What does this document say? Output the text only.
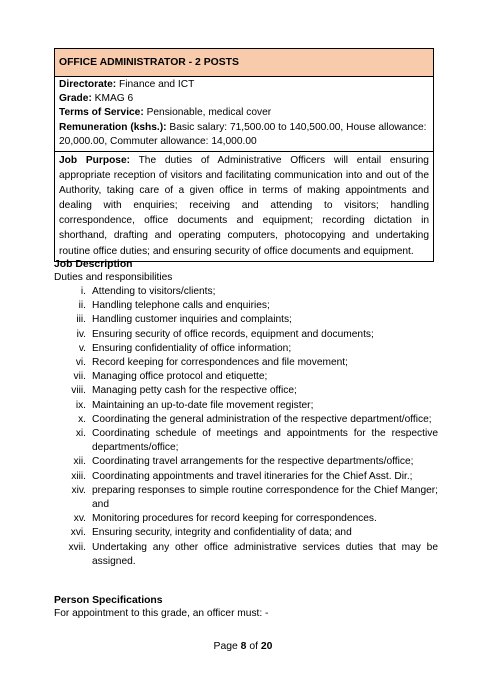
OFFICE ADMINISTRATOR - 2 POSTS

Directorate: Finance and ICT

Grade: KMAG 6

Terms of Service: Pensionable, medical cover

Remuneration (kshs.): Basic salary: 71,500.00 to 140,500.00, House allowance: 20,000.00, Commuter allowance: 14,000.00

Job Purpose: The duties of Administrative Officers will entail ensuring appropriate reception of visitors and facilitating communication into and out of the Authority, taking care of a given office in terms of making appointments and dealing with enquiries; receiving and attending to visitors; handling correspondence, office documents and equipment; recording dictation in shorthand, drafting and operating computers, photocopying and undertaking routine office duties; and ensuring security of office documents and equipment.

Job Description

Duties and responsibilities

i. Attending to visitors/clients;
ii. Handling telephone calls and enquiries;
iii. Handling customer inquiries and complaints;
iv. Ensuring security of office records, equipment and documents;
v. Ensuring confidentiality of office information;
vi. Record keeping for correspondences and file movement;
vii. Managing office protocol and etiquette;
viii. Managing petty cash for the respective office;
ix. Maintaining an up-to-date file movement register;
x. Coordinating the general administration of the respective department/office;
xi. Coordinating schedule of meetings and appointments for the respective departments/office;
xii. Coordinating travel arrangements for the respective departments/office;
xiii. Coordinating appointments and travel itineraries for the Chief Asst. Dir.;
xiv. preparing responses to simple routine correspondence for the Chief Manger; and
xv. Monitoring procedures for record keeping for correspondences.
xvi. Ensuring security, integrity and confidentiality of data; and
xvii. Undertaking any other office administrative services duties that may be assigned.

Person Specifications

For appointment to this grade, an officer must: -

Page 8 of 20
